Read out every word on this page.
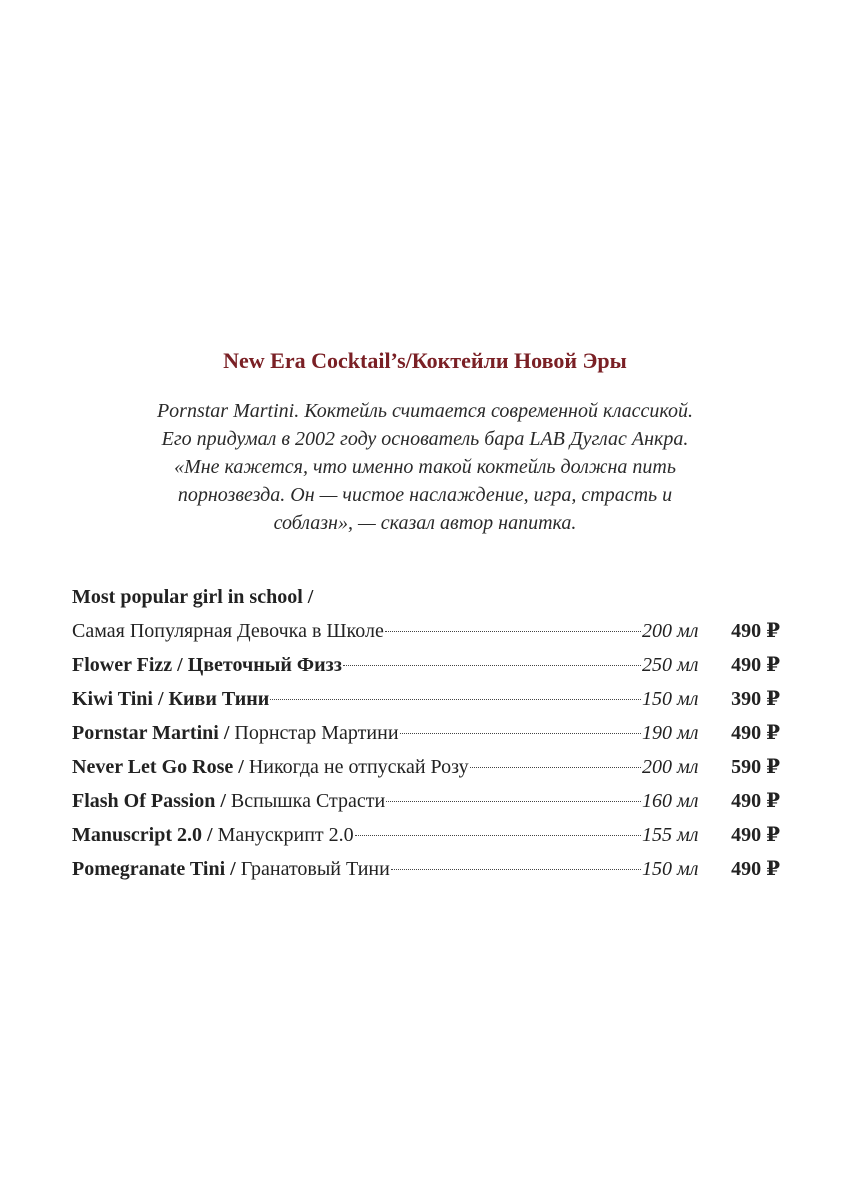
New Era Cocktail’s/Коктейли Новой Эры
Pornstar Martini. Коктейль считается современной классикой.
Его придумал в 2002 году основатель бара LAB Дуглас Анкра.
«Мне кажется, что именно такой коктейль должна пить
порнозвезда. Он — чистое наслаждение, игра, страсть и
соблазн», — сказал автор напитка.
Most popular girl in school /
Самая Популярная Девочка в Школе	200 мл	490 ₽
Flower Fizz / Цветочный Физз	250 мл	490 ₽
Kiwi Tini / Киви Тини	150 мл	390 ₽
Pornstar Martini /
Порнстар Мартини	190 мл	490 ₽
Never Let Go Rose /
Никогда не отпускай Розу	200 мл	590 ₽
Flash Of Passion /
Вспышка Страсти	160 мл	490 ₽
Manuscript 2.0 /
Манускрипт 2.0	155 мл	490 ₽
Pomegranate Tini /
Гранатовый Тини	150 мл	490 ₽
